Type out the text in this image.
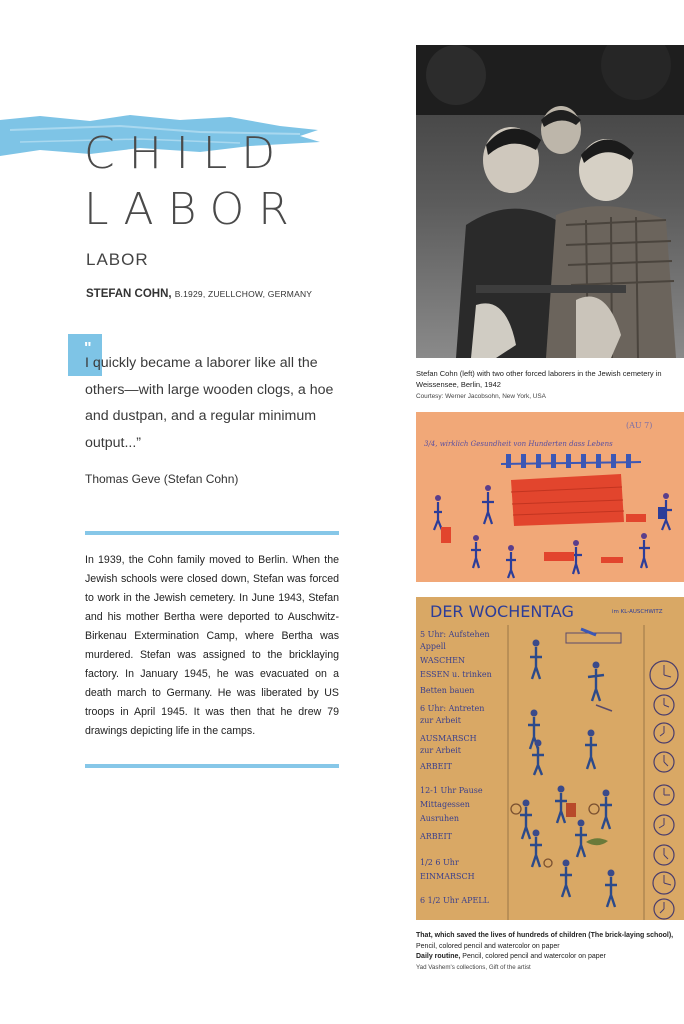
CHILD
LABOR
LABOR
STEFAN COHN, B.1929, ZUELLCHOW, GERMANY
"
I quickly became a laborer like all the others—with large wooden clogs, a hoe and dustpan, and a regular minimum output...”
Thomas Geve (Stefan Cohn)
In 1939, the Cohn family moved to Berlin. When the Jewish schools were closed down, Stefan was forced to work in the Jewish cemetery. In June 1943, Stefan and his mother Bertha were deported to Auschwitz-Birkenau Extermination Camp, where Bertha was murdered. Stefan was assigned to the bricklaying factory. In January 1945, he was evacuated on a death march to Germany. He was liberated by US troops in April 1945. It was then that he drew 79 drawings depicting life in the camps.
Stefan Cohn (left) with two other forced laborers in the Jewish cemetery in Weissensee, Berlin, 1942
Courtesy: Werner Jacobsohn, New York, USA
3/4, wirklich Gesundheit von Hunderten dass Lebens
(AU 7)
DER WOCHENTAG	im KL-AUSCHWITZ
5 Uhr: Aufstehen
Appell
WASCHEN
ESSEN u. trinken
Betten bauen
6 Uhr: Antreten
zur Arbeit
AUSMARSCH
zur Arbeit
ARBEIT
12-1 Uhr Pause
Mittagessen
Ausruhen
ARBEIT
1/2 6 Uhr
EINMARSCH
6 1/2 Uhr APELL
That, which saved the lives of hundreds of children (The brick-laying school),
Pencil, colored pencil and watercolor on paper
Daily routine, Pencil, colored pencil and watercolor on paper
Yad Vashem's collections, Gift of the artist
